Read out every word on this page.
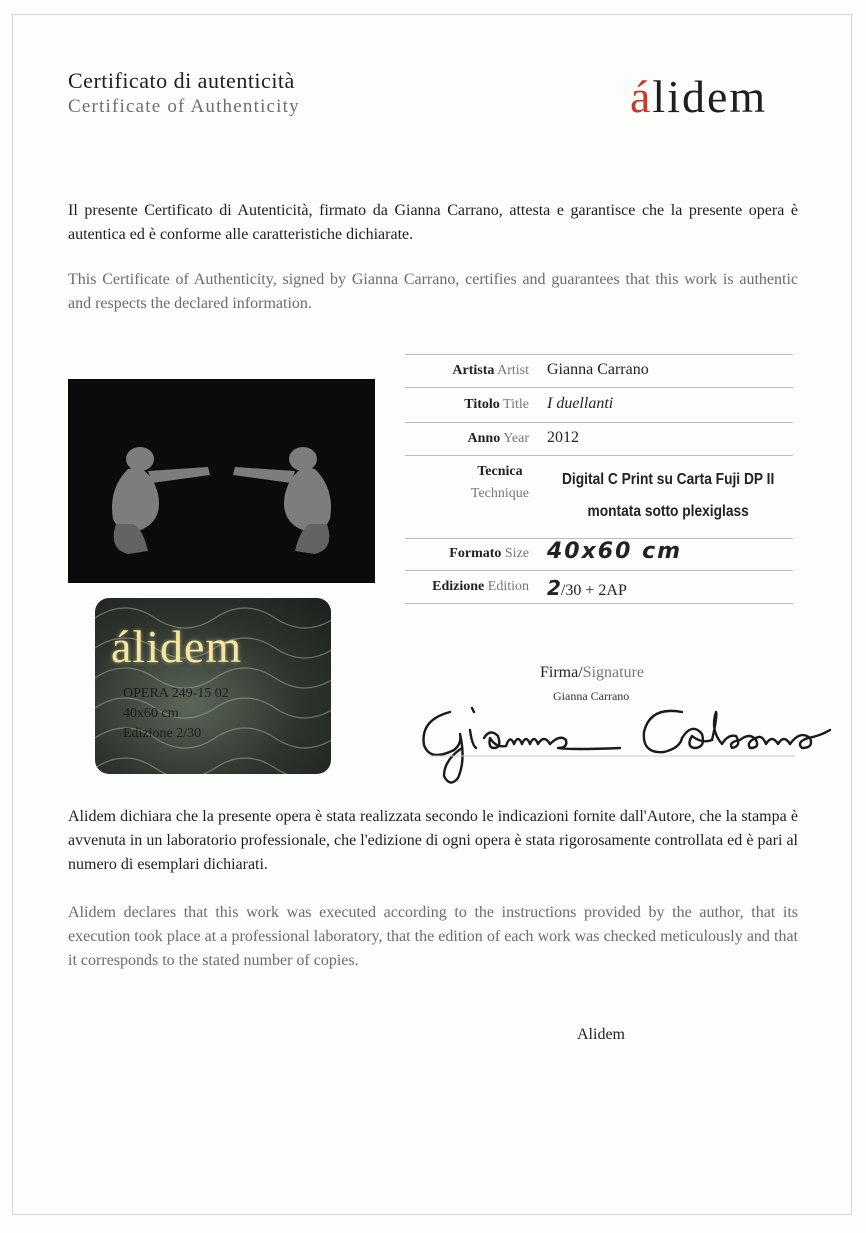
Certificato di autenticità
Certificate of Authenticity	álidem
Il presente Certificato di Autenticità, firmato da Gianna Carrano, attesta e garantisce che la presente opera è autentica ed è conforme alle caratteristiche dichiarate.
This Certificate of Authenticity, signed by Gianna Carrano, certifies and guarantees that this work is authentic and respects the declared information.
álidem
OPERA 249-15 02
40x60 cm
Edizione 2/30
Artista Artist Gianna Carrano
Titolo Title I duellanti
Anno Year 2012
Tecnica
Technique
Digital C Print su Carta Fuji DP II
montata sotto plexiglass
Formato Size 40x60 cm
Edizione Edition 2/30 + 2AP
Firma/Signature
Gianna Carrano
Alidem dichiara che la presente opera è stata realizzata secondo le indicazioni fornite dall'Autore, che la stampa è avvenuta in un laboratorio professionale, che l'edizione di ogni opera è stata rigorosamente controllata ed è pari al numero di esemplari dichiarati.
Alidem declares that this work was executed according to the instructions provided by the author, that its execution took place at a professional laboratory, that the edition of each work was checked meticulously and that it corresponds to the stated number of copies.
Alidem
